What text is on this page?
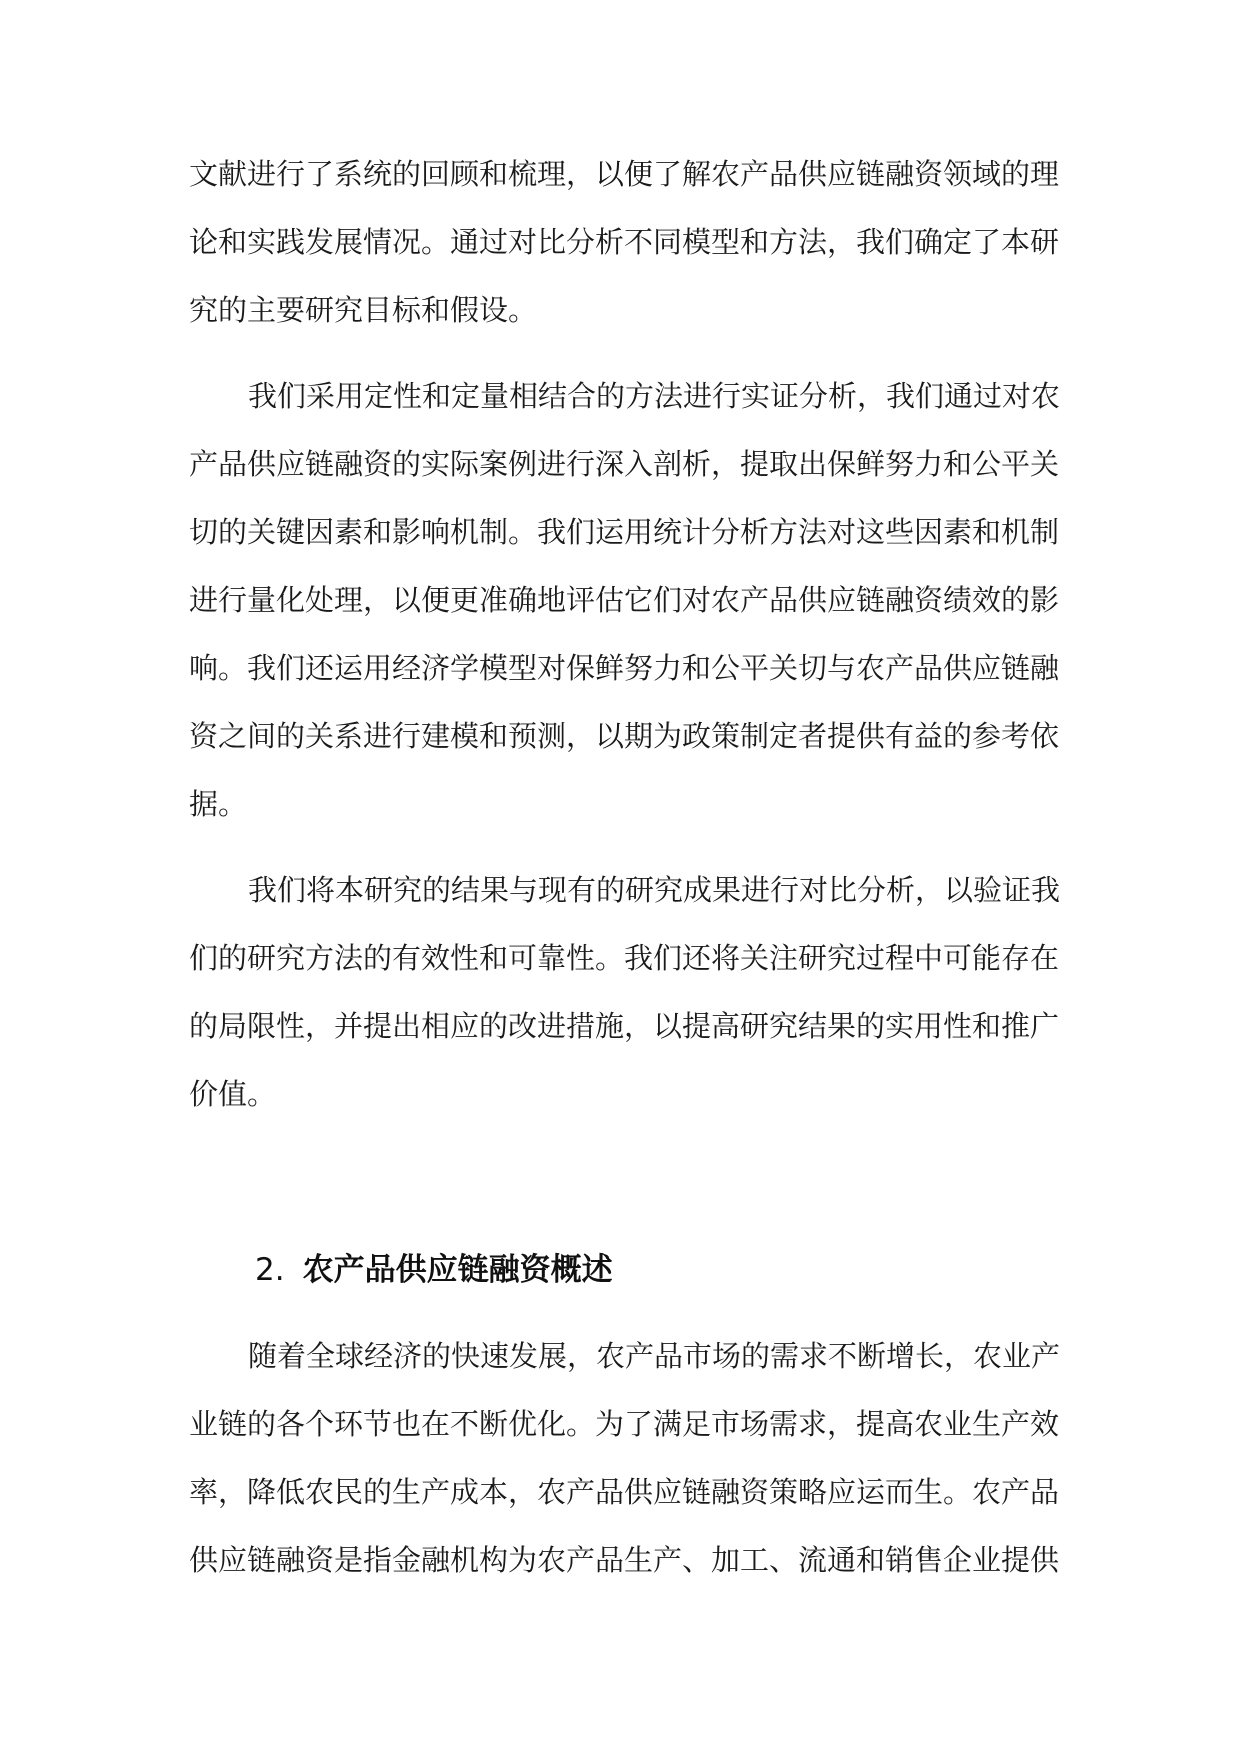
文献进行了系统的回顾和梳理，以便了解农产品供应链融资领域的理
论和实践发展情况。通过对比分析不同模型和方法，我们确定了本研
究的主要研究目标和假设。
我们采用定性和定量相结合的方法进行实证分析，我们通过对农
产品供应链融资的实际案例进行深入剖析，提取出保鲜努力和公平关
切的关键因素和影响机制。我们运用统计分析方法对这些因素和机制
进行量化处理，以便更准确地评估它们对农产品供应链融资绩效的影
响。我们还运用经济学模型对保鲜努力和公平关切与农产品供应链融
资之间的关系进行建模和预测，以期为政策制定者提供有益的参考依
据。
我们将本研究的结果与现有的研究成果进行对比分析，以验证我
们的研究方法的有效性和可靠性。我们还将关注研究过程中可能存在
的局限性，并提出相应的改进措施，以提高研究结果的实用性和推广
价值。
2. 农产品供应链融资概述
随着全球经济的快速发展，农产品市场的需求不断增长，农业产
业链的各个环节也在不断优化。为了满足市场需求，提高农业生产效
率，降低农民的生产成本，农产品供应链融资策略应运而生。农产品
供应链融资是指金融机构为农产品生产、加工、流通和销售企业提供
